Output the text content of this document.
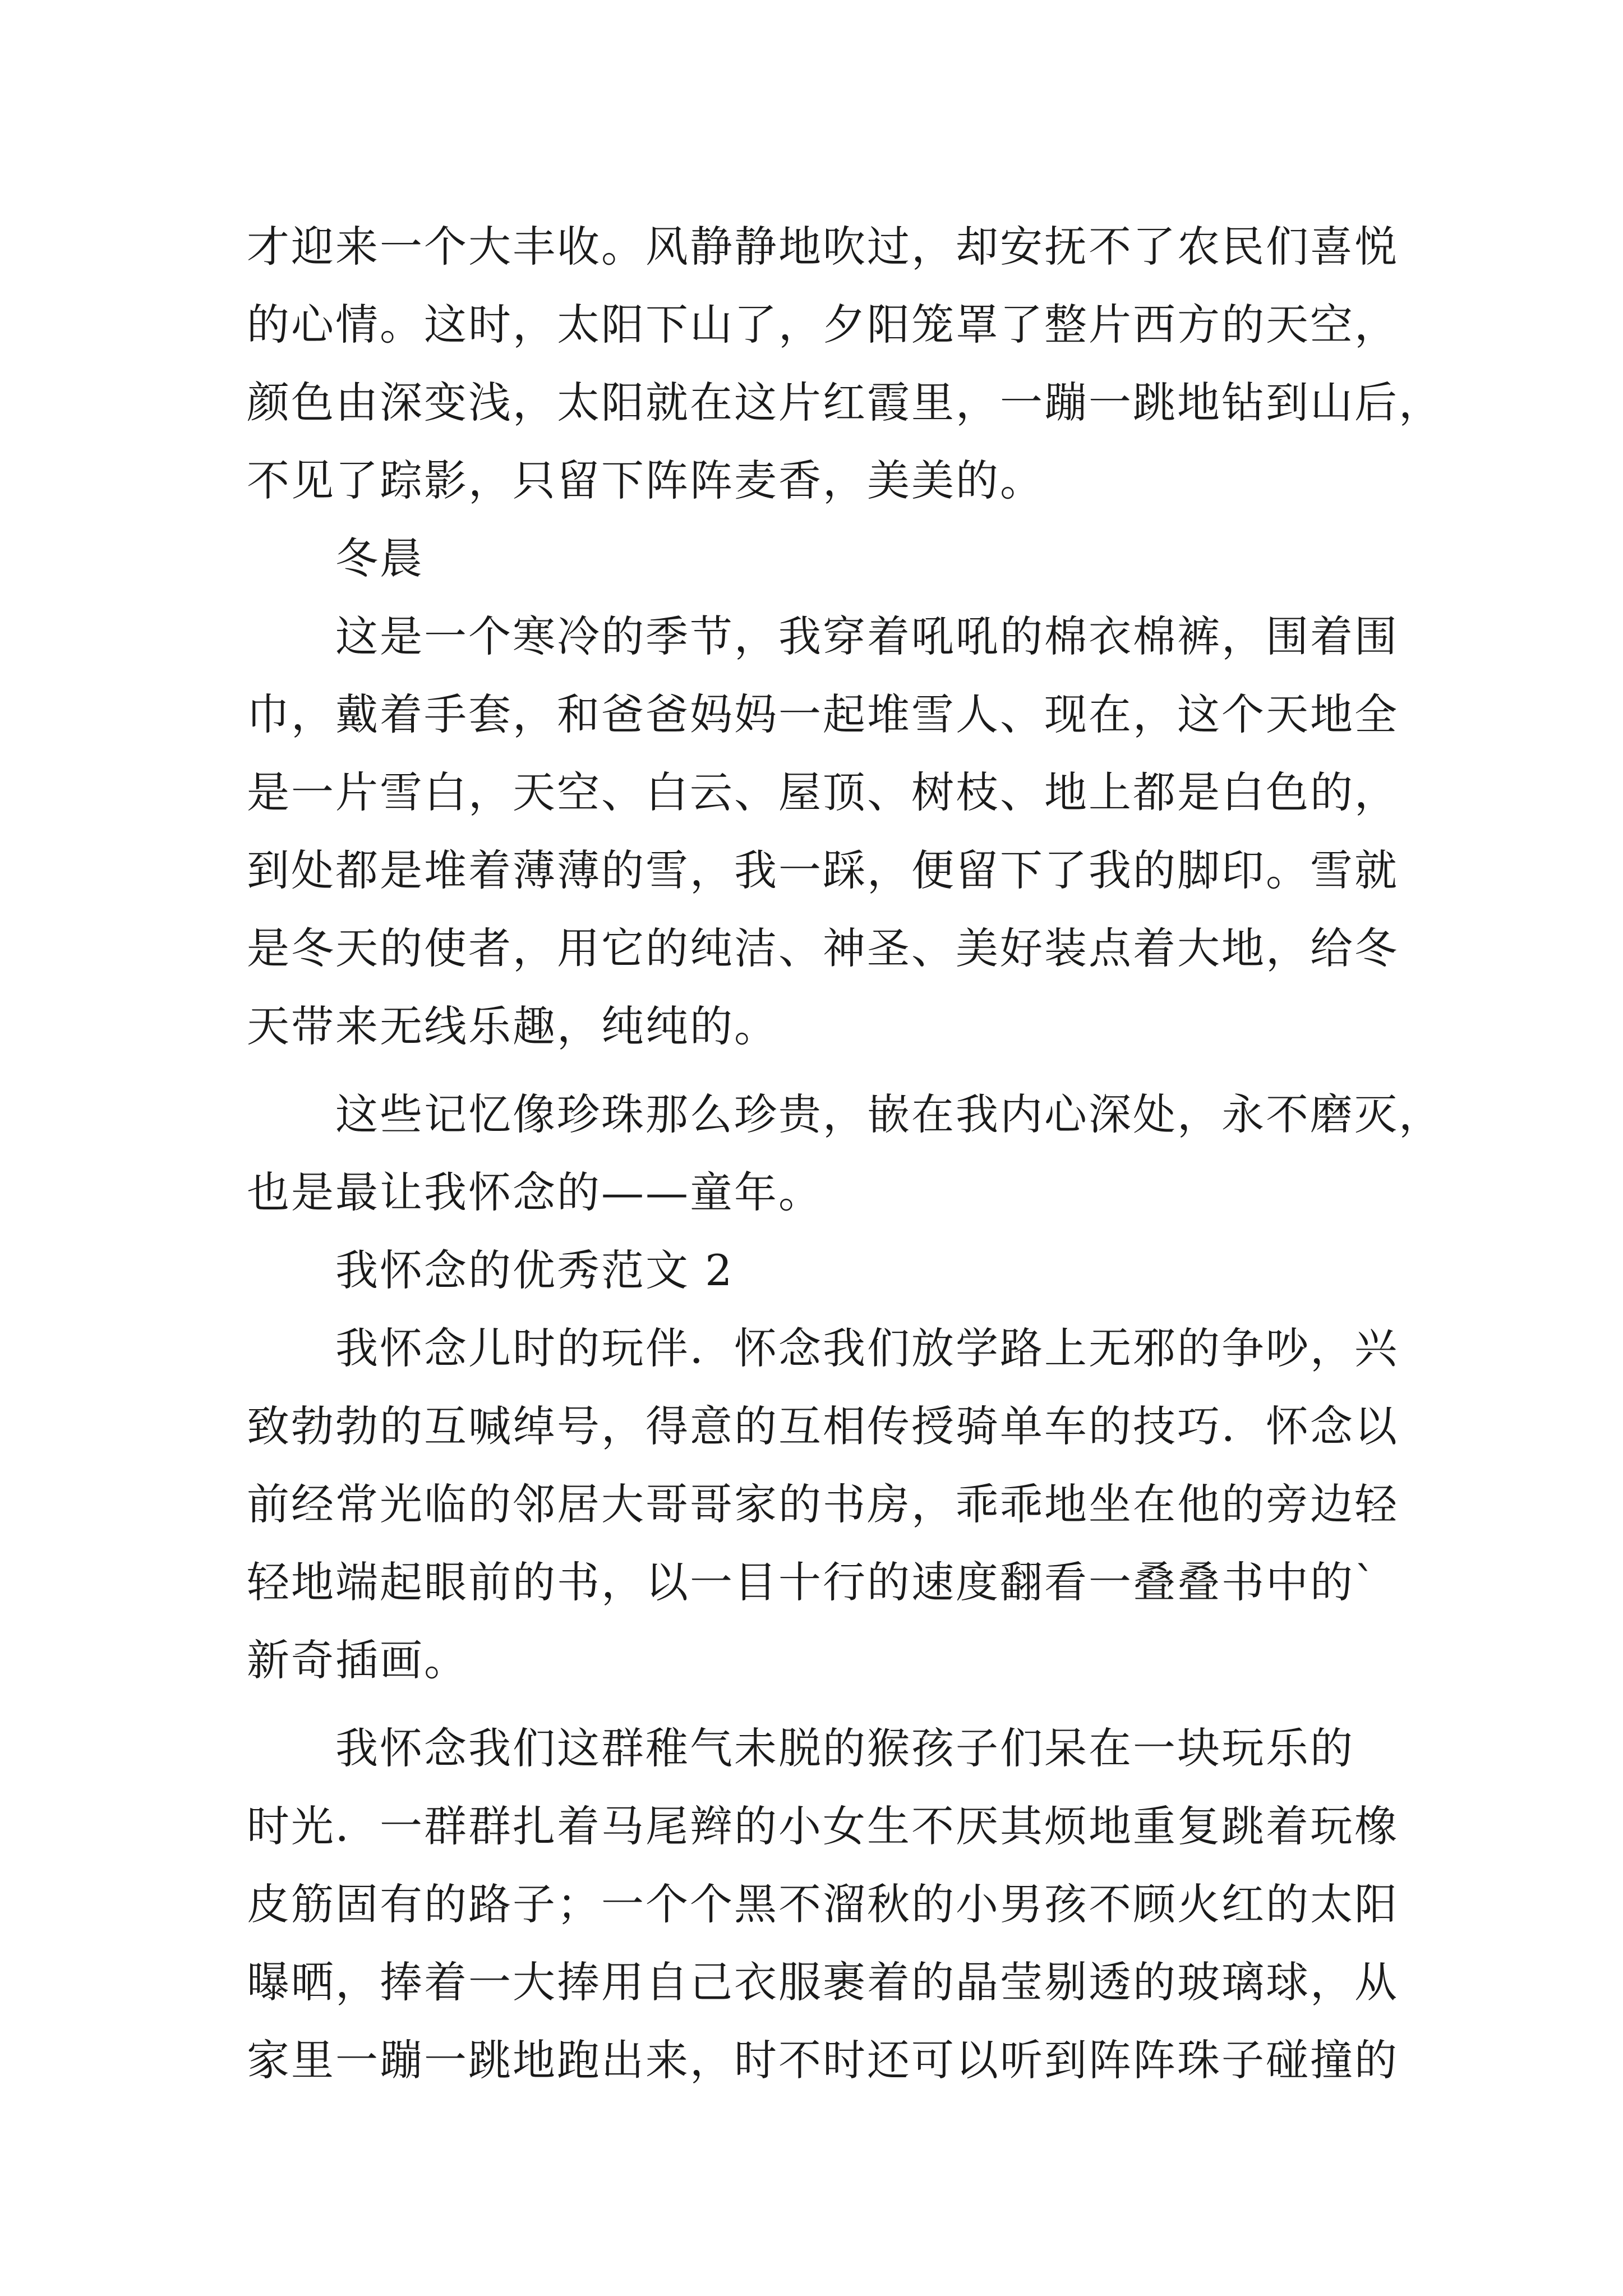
才迎来一个大丰收。风静静地吹过，却安抚不了农民们喜悦
的心情。这时，太阳下山了，夕阳笼罩了整片西方的天空，
颜色由深变浅，太阳就在这片红霞里，一蹦一跳地钻到山后，
不见了踪影，只留下阵阵麦香，美美的。
冬晨
这是一个寒冷的季节，我穿着吼吼的棉衣棉裤，围着围
巾，戴着手套，和爸爸妈妈一起堆雪人、现在，这个天地全
是一片雪白，天空、白云、屋顶、树枝、地上都是白色的，
到处都是堆着薄薄的雪，我一踩，便留下了我的脚印。雪就
是冬天的使者，用它的纯洁、神圣、美好装点着大地，给冬
天带来无线乐趣，纯纯的。
这些记忆像珍珠那么珍贵，嵌在我内心深处，永不磨灭，
也是最让我怀念的——童年。
我怀念的优秀范文 2
我怀念儿时的玩伴．怀念我们放学路上无邪的争吵，兴
致勃勃的互喊绰号，得意的互相传授骑单车的技巧．怀念以
前经常光临的邻居大哥哥家的书房，乖乖地坐在他的旁边轻
轻地端起眼前的书，以一目十行的速度翻看一叠叠书中的`
新奇插画。
我怀念我们这群稚气未脱的猴孩子们呆在一块玩乐的
时光．一群群扎着马尾辫的小女生不厌其烦地重复跳着玩橡
皮筋固有的路子；一个个黑不溜秋的小男孩不顾火红的太阳
曝晒，捧着一大捧用自己衣服裹着的晶莹剔透的玻璃球，从
家里一蹦一跳地跑出来，时不时还可以听到阵阵珠子碰撞的
